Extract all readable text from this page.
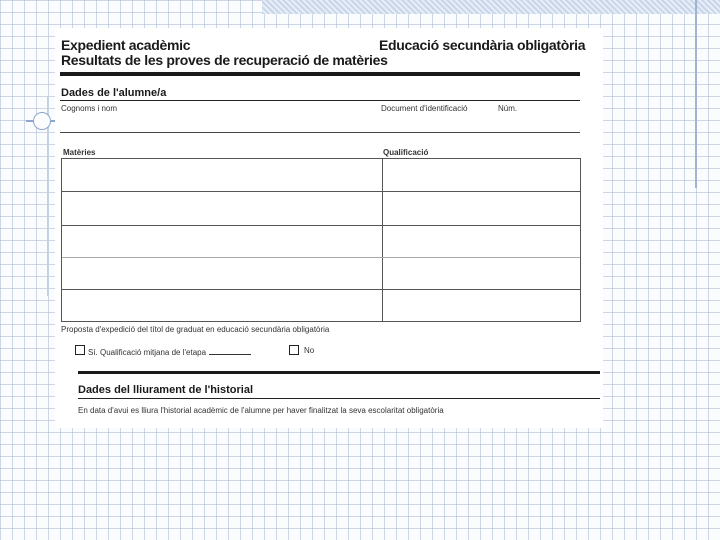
Expedient acadèmic
Resultats de les proves de recuperació de matèries
Educació secundària obligatòria
Dades de l'alumne/a
Cognoms i nom	Document d'identificació	Núm.
Matèries	Qualificació
Proposta d'expedició del títol de graduat en educació secundària obligatòria
Sí. Qualificació mitjana de l'etapa	No
Dades del lliurament de l'historial
En data d'avui es lliura l'historial acadèmic de l'alumne per haver finalitzat la seva escolaritat obligatòria
